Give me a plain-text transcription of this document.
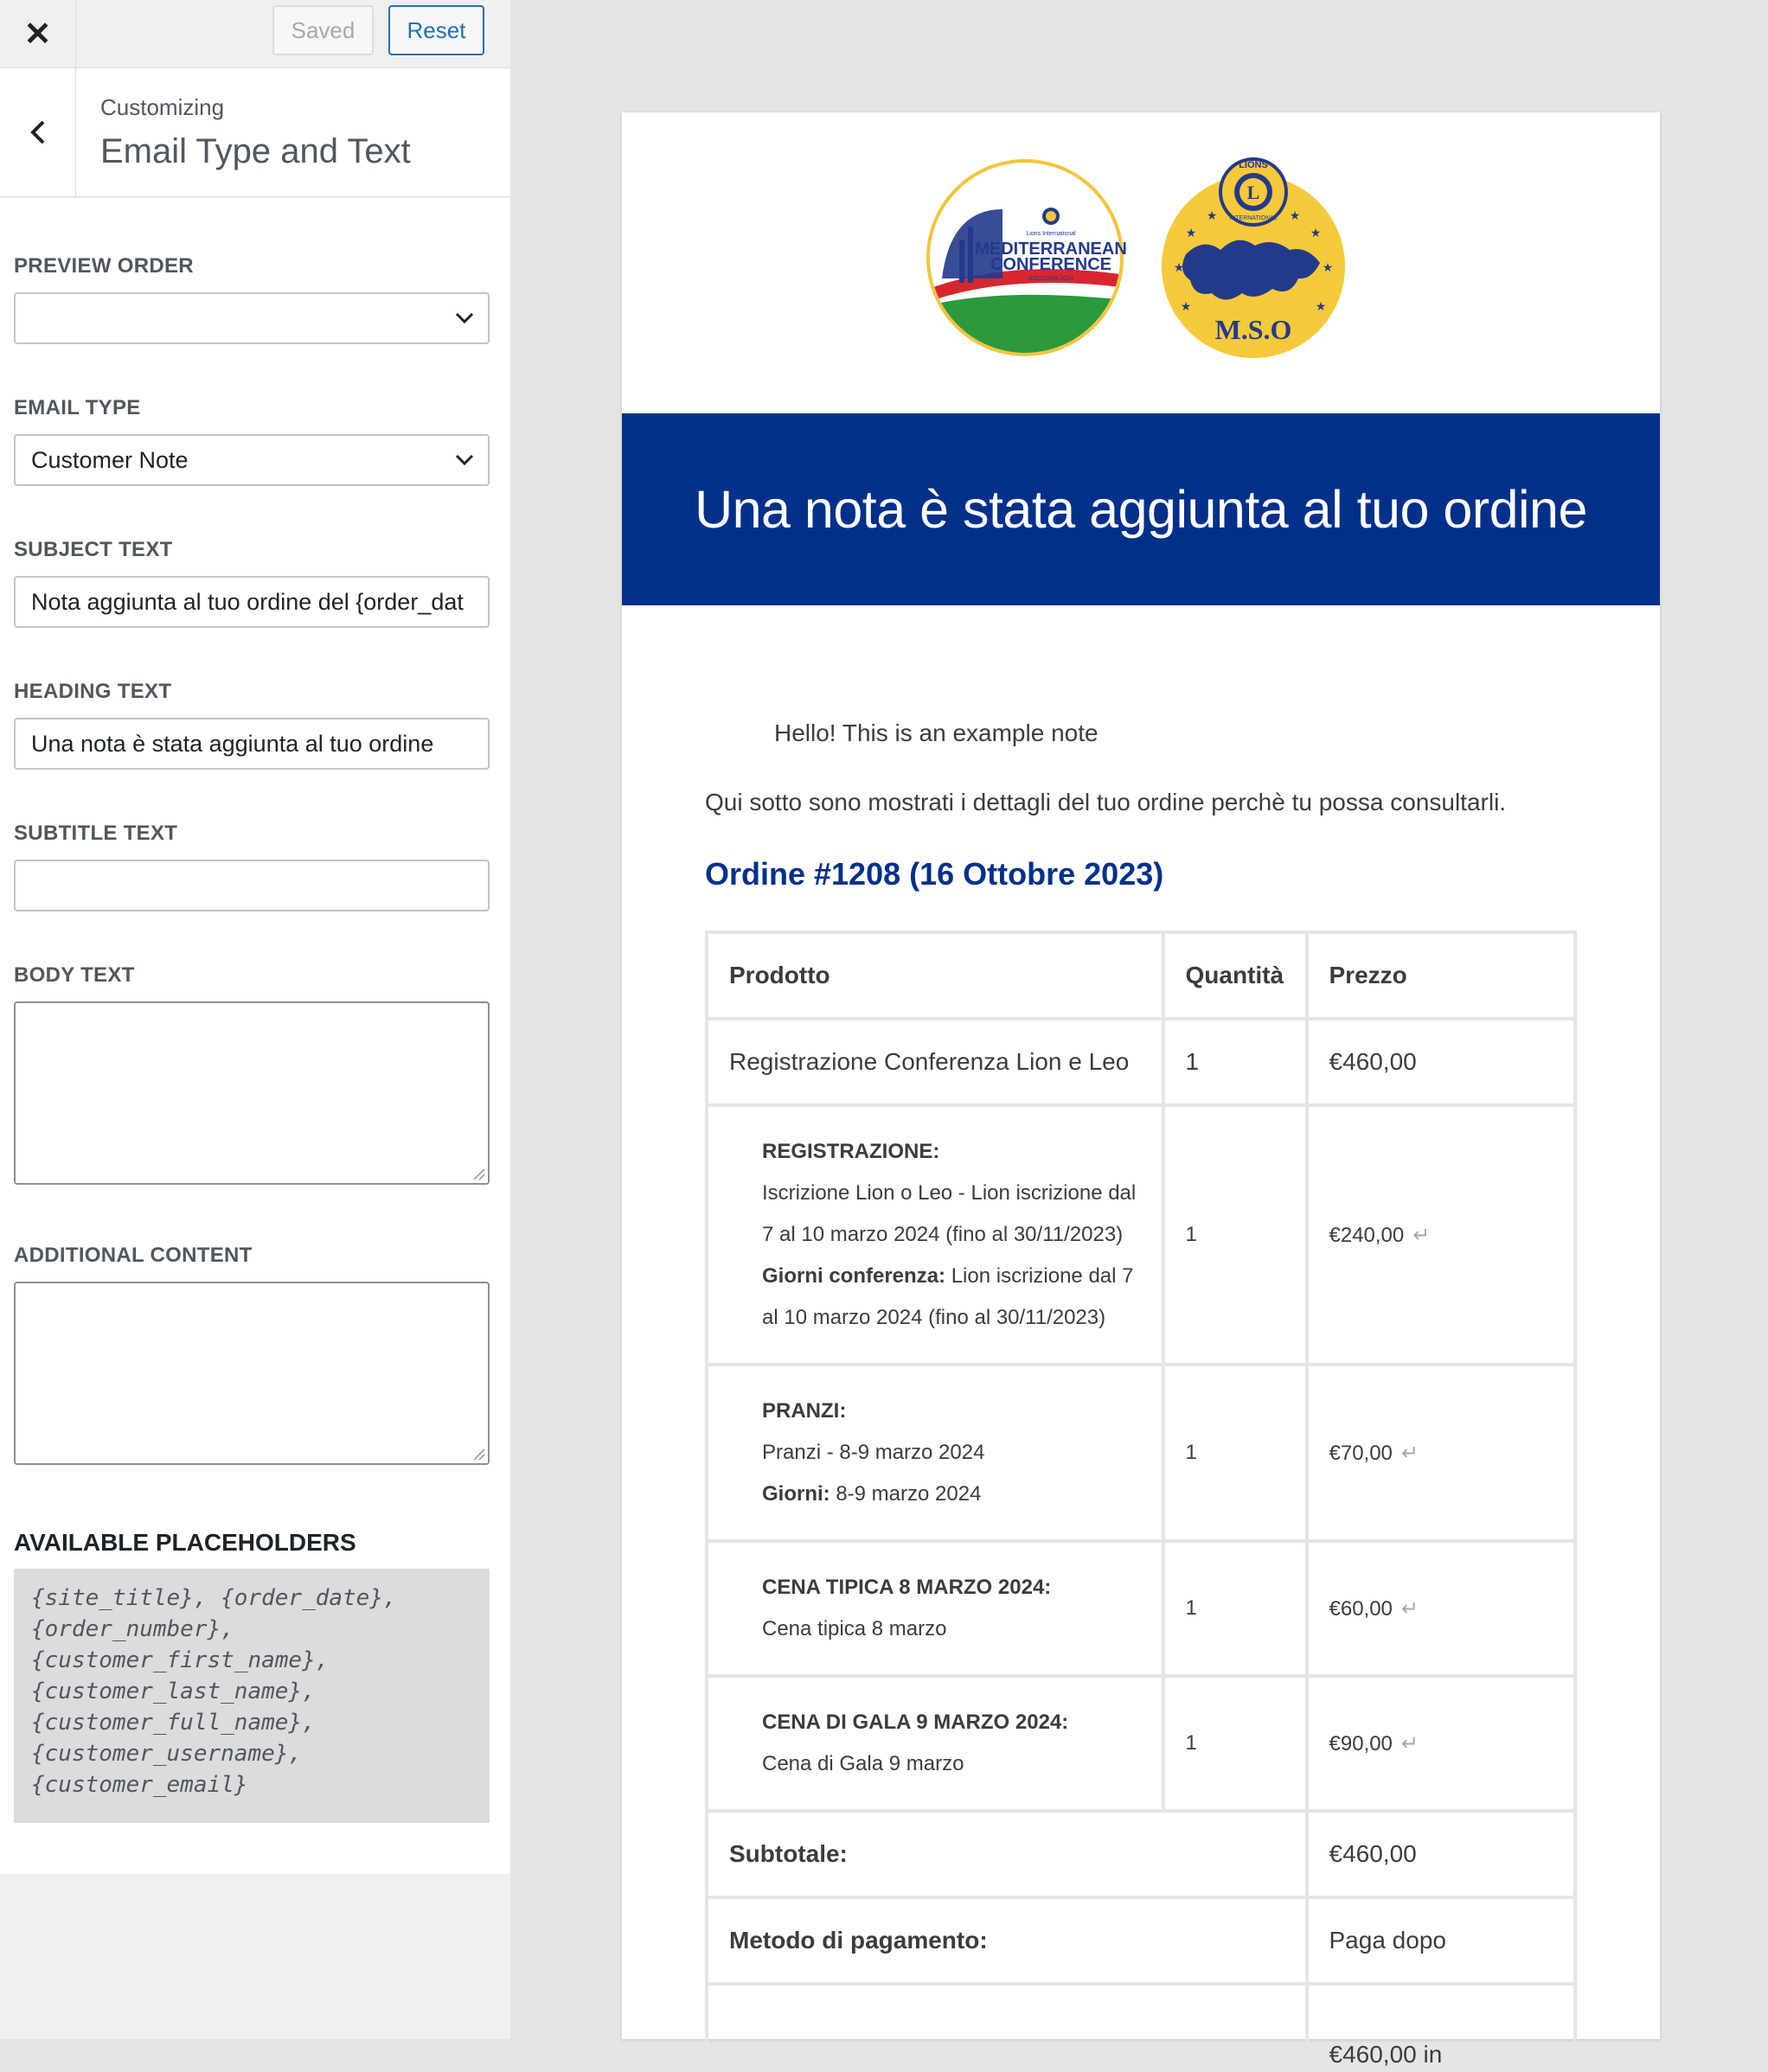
✕	Saved	Reset
Customizing
Email Type and Text
PREVIEW ORDER
EMAIL TYPE
Customer Note
SUBJECT TEXT
Nota aggiunta al tuo ordine del {order_dat
HEADING TEXT
Una nota è stata aggiunta al tuo ordine
SUBTITLE TEXT
BODY TEXT
ADDITIONAL CONTENT
AVAILABLE PLACEHOLDERS
{site_title}, {order_date},
{order_number},
{customer_first_name},
{customer_last_name},
{customer_full_name},
{customer_username},
{customer_email}
Lions International
MEDITERRANEAN
CONFERENCE
BOLOGNA 2024
L
LIONS
INTERNATIONAL
★	★
★	★
★	★
★	★
M.S.O
Una nota è stata aggiunta al tuo ordine
Hello! This is an example note
Qui sotto sono mostrati i dettagli del tuo ordine perchè tu possa consultarli.
Ordine #1208 (16 Ottobre 2023)
Prodotto	Quantità	Prezzo
Registrazione Conferenza Lion e Leo	1	€460,00
REGISTRAZIONE:
Iscrizione Lion o Leo - Lion iscrizione dal 7 al 10 marzo 2024 (fino al 30/11/2023)
Giorni conferenza: Lion iscrizione dal 7 al 10 marzo 2024 (fino al 30/11/2023)	1	€240,00 ↵
PRANZI:
Pranzi - 8-9 marzo 2024
Giorni: 8-9 marzo 2024	1	€70,00 ↵
CENA TIPICA 8 MARZO 2024:
Cena tipica 8 marzo	1	€60,00 ↵
CENA DI GALA 9 MARZO 2024:
Cena di Gala 9 marzo	1	€90,00 ↵
Subtotale:		€460,00
Metodo di pagamento:		Paga dopo
		€460,00 in
